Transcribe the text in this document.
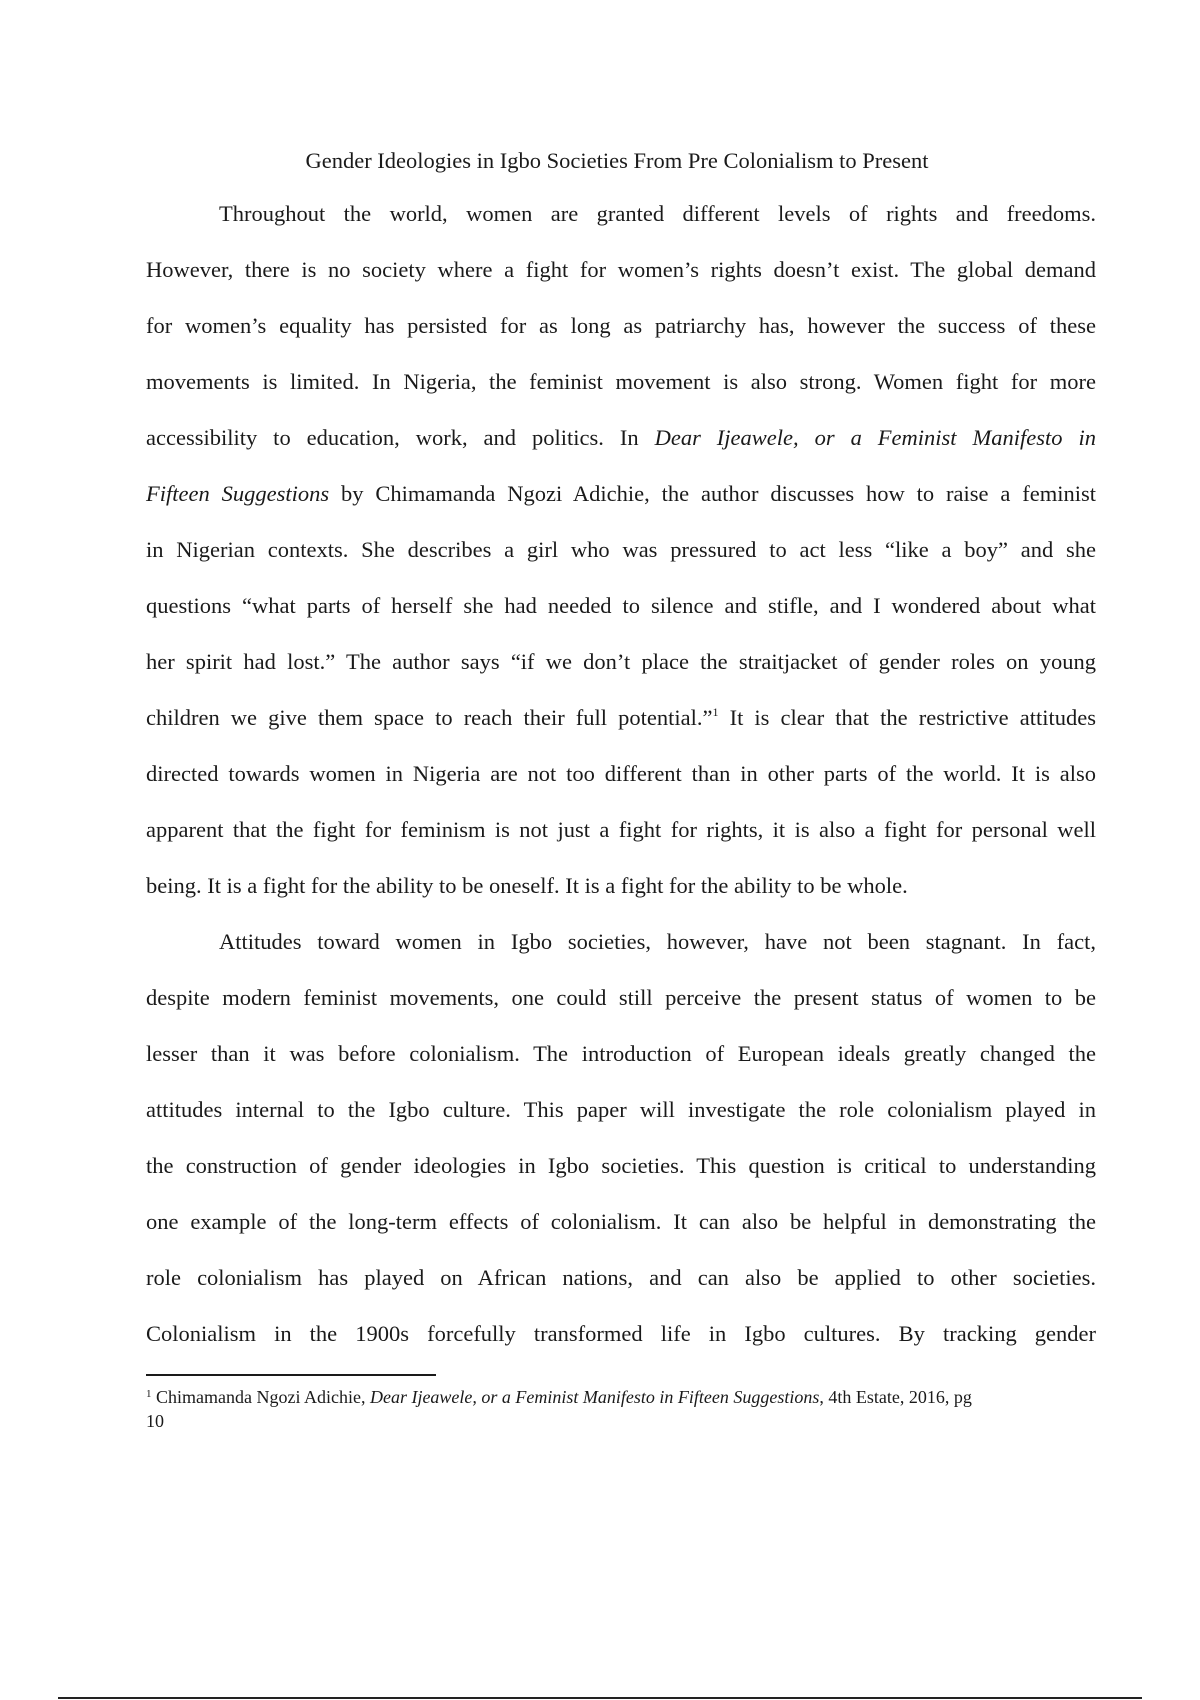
Gender Ideologies in Igbo Societies From Pre Colonialism to Present
Throughout the world, women are granted different levels of rights and freedoms.
However, there is no society where a fight for women’s rights doesn’t exist. The global demand
for women’s equality has persisted for as long as patriarchy has, however the success of these
movements is limited. In Nigeria, the feminist movement is also strong. Women fight for more
accessibility to education, work, and politics. In Dear Ijeawele, or a Feminist Manifesto in
Fifteen Suggestions by Chimamanda Ngozi Adichie, the author discusses how to raise a feminist
in Nigerian contexts. She describes a girl who was pressured to act less “like a boy” and she
questions “what parts of herself she had needed to silence and stifle, and I wondered about what
her spirit had lost.” The author says “if we don’t place the straitjacket of gender roles on young
children we give them space to reach their full potential.”$^1$ It is clear that the restrictive attitudes
directed towards women in Nigeria are not too different than in other parts of the world. It is also
apparent that the fight for feminism is not just a fight for rights, it is also a fight for personal well
being. It is a fight for the ability to be oneself. It is a fight for the ability to be whole.
Attitudes toward women in Igbo societies, however, have not been stagnant. In fact,
despite modern feminist movements, one could still perceive the present status of women to be
lesser than it was before colonialism. The introduction of European ideals greatly changed the
attitudes internal to the Igbo culture. This paper will investigate the role colonialism played in
the construction of gender ideologies in Igbo societies. This question is critical to understanding
one example of the long-term effects of colonialism. It can also be helpful in demonstrating the
role colonialism has played on African nations, and can also be applied to other societies.
Colonialism in the 1900s forcefully transformed life in Igbo cultures. By tracking gender
$^1$ Chimamanda Ngozi Adichie, Dear Ijeawele, or a Feminist Manifesto in Fifteen Suggestions, 4th Estate, 2016, pg
10
